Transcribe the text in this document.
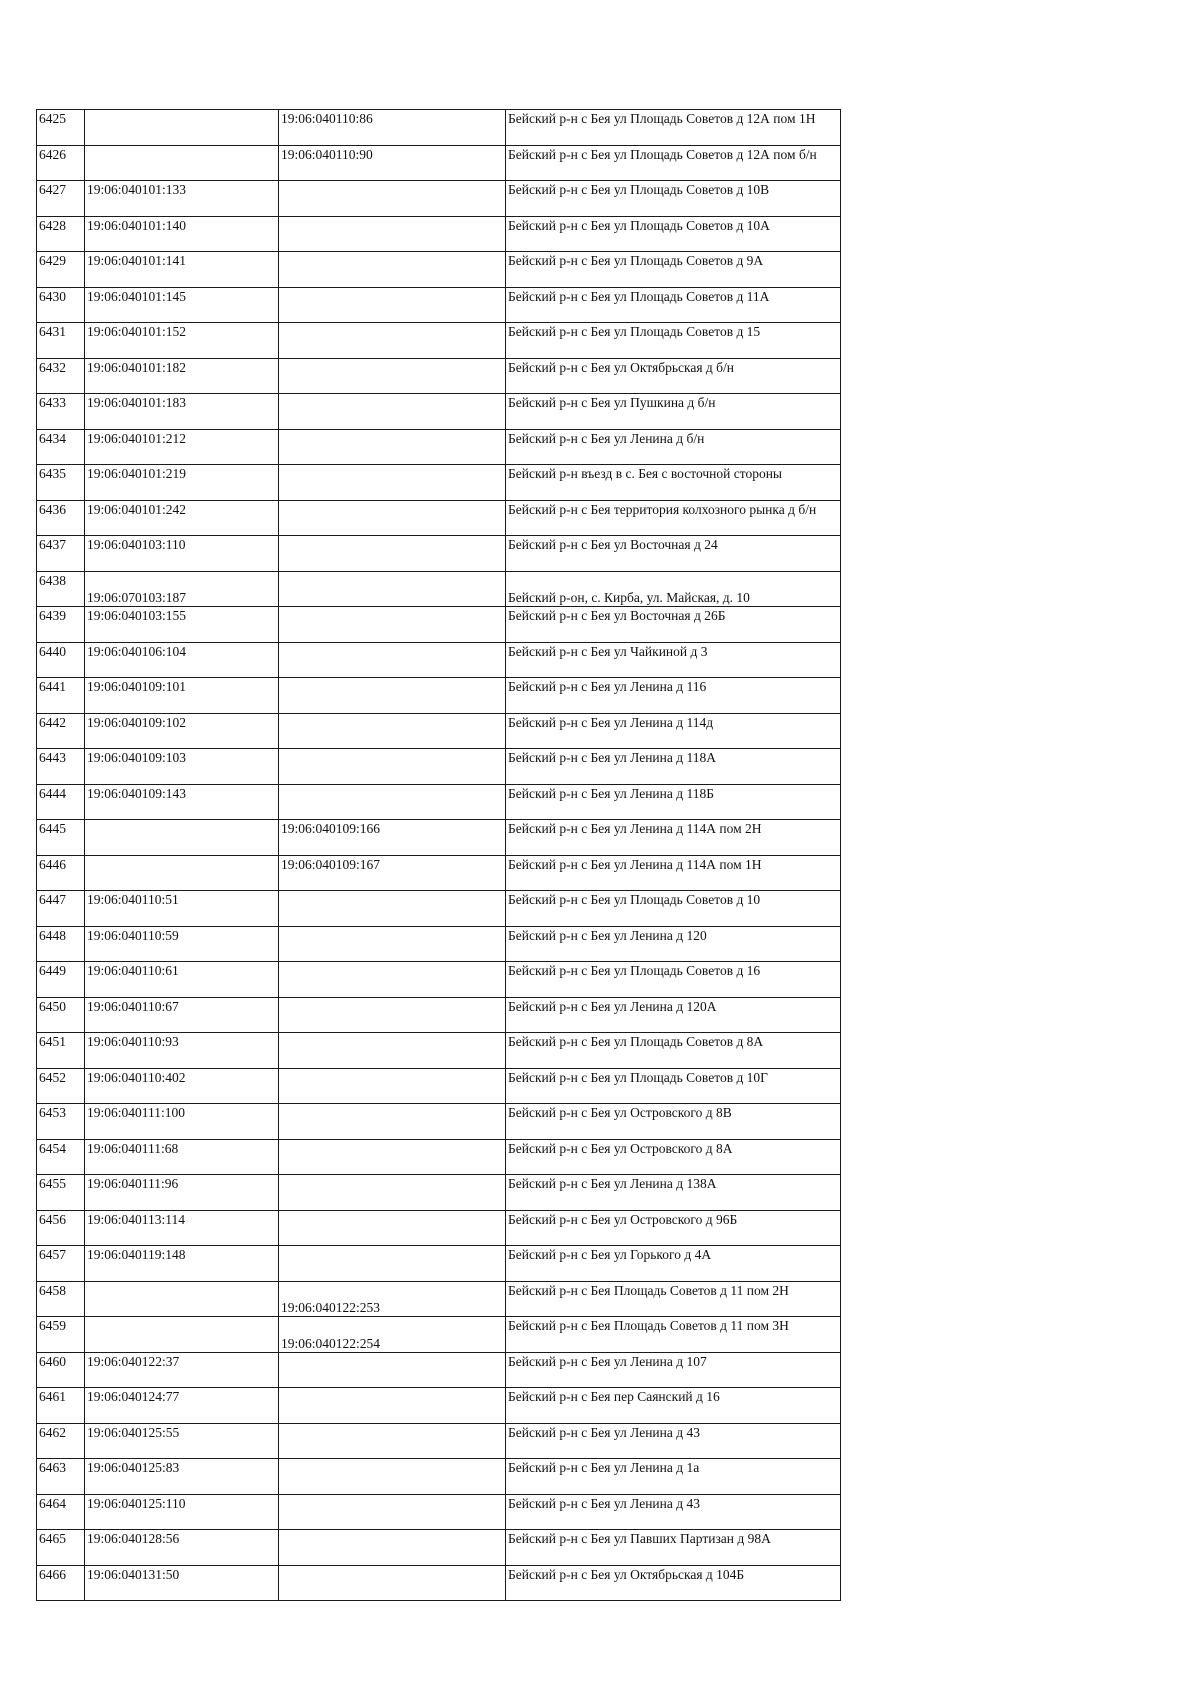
6425		19:06:040110:86	Бейский р-н с Бея ул Площадь Советов д 12А пом 1Н
6426		19:06:040110:90	Бейский р-н с Бея ул Площадь Советов д 12А пом б/н
6427	19:06:040101:133		Бейский р-н с Бея ул Площадь Советов д 10В
6428	19:06:040101:140		Бейский р-н с Бея ул Площадь Советов д 10А
6429	19:06:040101:141		Бейский р-н с Бея ул Площадь Советов д 9А
6430	19:06:040101:145		Бейский р-н с Бея ул Площадь Советов д 11А
6431	19:06:040101:152		Бейский р-н с Бея ул Площадь Советов д 15
6432	19:06:040101:182		Бейский р-н с Бея ул Октябрьская д б/н
6433	19:06:040101:183		Бейский р-н с Бея ул Пушкина д б/н
6434	19:06:040101:212		Бейский р-н с Бея ул Ленина д б/н
6435	19:06:040101:219		Бейский р-н въезд в с. Бея с восточной стороны
6436	19:06:040101:242		Бейский р-н с Бея территория колхозного рынка д б/н
6437	19:06:040103:110		Бейский р-н с Бея ул Восточная д 24
6438	19:06:070103:187		Бейский р-он, с. Кирба, ул. Майская, д. 10
6439	19:06:040103:155		Бейский р-н с Бея ул Восточная д 26Б
6440	19:06:040106:104		Бейский р-н с Бея ул Чайкиной д 3
6441	19:06:040109:101		Бейский р-н с Бея ул Ленина д 116
6442	19:06:040109:102		Бейский р-н с Бея ул Ленина д 114д
6443	19:06:040109:103		Бейский р-н с Бея ул Ленина д 118А
6444	19:06:040109:143		Бейский р-н с Бея ул Ленина д 118Б
6445		19:06:040109:166	Бейский р-н с Бея ул Ленина д 114А пом 2Н
6446		19:06:040109:167	Бейский р-н с Бея ул Ленина д 114А пом 1Н
6447	19:06:040110:51		Бейский р-н с Бея ул Площадь Советов д 10
6448	19:06:040110:59		Бейский р-н с Бея ул Ленина д 120
6449	19:06:040110:61		Бейский р-н с Бея ул Площадь Советов д 16
6450	19:06:040110:67		Бейский р-н с Бея ул Ленина д 120А
6451	19:06:040110:93		Бейский р-н с Бея ул Площадь Советов д 8А
6452	19:06:040110:402		Бейский р-н с Бея ул Площадь Советов д 10Г
6453	19:06:040111:100		Бейский р-н с Бея ул Островского д 8В
6454	19:06:040111:68		Бейский р-н с Бея ул Островского д 8А
6455	19:06:040111:96		Бейский р-н с Бея ул Ленина д 138А
6456	19:06:040113:114		Бейский р-н с Бея ул Островского д 96Б
6457	19:06:040119:148		Бейский р-н с Бея ул Горького д 4А
6458		19:06:040122:253	Бейский р-н с Бея Площадь Советов д 11 пом 2Н
6459		19:06:040122:254	Бейский р-н с Бея Площадь Советов д 11 пом 3Н
6460	19:06:040122:37		Бейский р-н с Бея ул Ленина д 107
6461	19:06:040124:77		Бейский р-н с Бея пер Саянский д 16
6462	19:06:040125:55		Бейский р-н с Бея ул Ленина д 43
6463	19:06:040125:83		Бейский р-н с Бея ул Ленина д 1а
6464	19:06:040125:110		Бейский р-н с Бея ул Ленина д 43
6465	19:06:040128:56		Бейский р-н с Бея ул Павших Партизан д 98А
6466	19:06:040131:50		Бейский р-н с Бея ул Октябрьская д 104Б
